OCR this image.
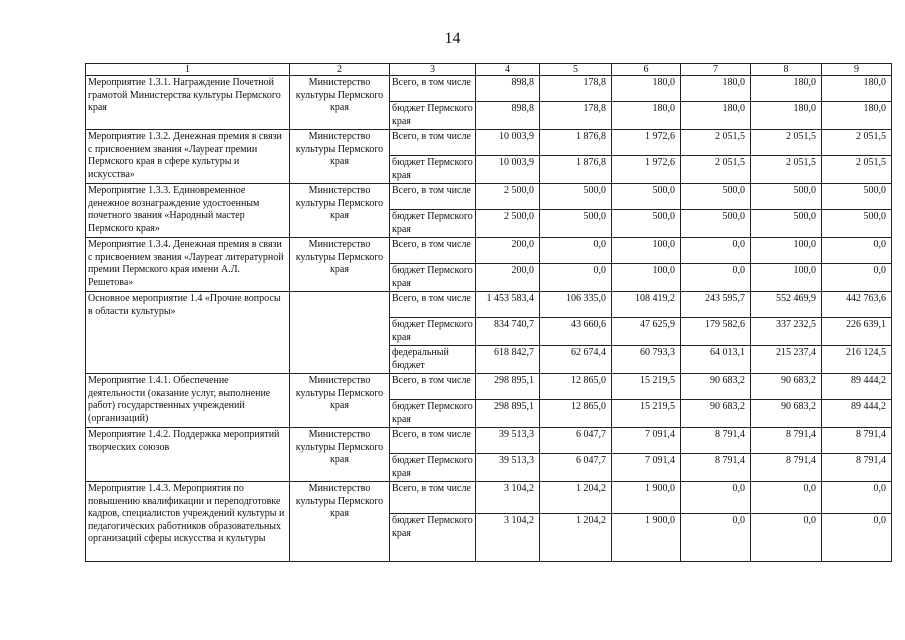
14
1	2	3	4	5	6	7	8	9
Мероприятие 1.3.1. Награждение Почетной грамотой Министерства культуры Пермского края	Министерство культуры Пермского края	Всего, в том числе	898,8	178,8	180,0	180,0	180,0	180,0
		бюджет Пермского края	898,8	178,8	180,0	180,0	180,0	180,0
Мероприятие 1.3.2. Денежная премия в связи с присвоением звания «Лауреат премии Пермского края в сфере культуры и искусства»	Министерство культуры Пермского края	Всего, в том числе	10 003,9	1 876,8	1 972,6	2 051,5	2 051,5	2 051,5
		бюджет Пермского края	10 003,9	1 876,8	1 972,6	2 051,5	2 051,5	2 051,5
Мероприятие 1.3.3. Единовременное денежное вознаграждение удостоенным почетного звания «Народный мастер Пермского края»	Министерство культуры Пермского края	Всего, в том числе	2 500,0	500,0	500,0	500,0	500,0	500,0
		бюджет Пермского края	2 500,0	500,0	500,0	500,0	500,0	500,0
Мероприятие 1.3.4. Денежная премия в связи с присвоением звания «Лауреат литературной премии Пермского края имени А.Л. Решетова»	Министерство культуры Пермского края	Всего, в том числе	200,0	0,0	100,0	0,0	100,0	0,0
		бюджет Пермского края	200,0	0,0	100,0	0,0	100,0	0,0
Основное мероприятие 1.4 «Прочие вопросы в области культуры»		Всего, в том числе	1 453 583,4	106 335,0	108 419,2	243 595,7	552 469,9	442 763,6
		бюджет Пермского края	834 740,7	43 660,6	47 625,9	179 582,6	337 232,5	226 639,1
		федеральный бюджет	618 842,7	62 674,4	60 793,3	64 013,1	215 237,4	216 124,5
Мероприятие 1.4.1. Обеспечение деятельности (оказание услуг, выполнение работ) государственных учреждений (организаций)	Министерство культуры Пермского края	Всего, в том числе	298 895,1	12 865,0	15 219,5	90 683,2	90 683,2	89 444,2
		бюджет Пермского края	298 895,1	12 865,0	15 219,5	90 683,2	90 683,2	89 444,2
Мероприятие 1.4.2. Поддержка мероприятий творческих союзов	Министерство культуры Пермского края	Всего, в том числе	39 513,3	6 047,7	7 091,4	8 791,4	8 791,4	8 791,4
		бюджет Пермского края	39 513,3	6 047,7	7 091,4	8 791,4	8 791,4	8 791,4
Мероприятие 1.4.3. Мероприятия по повышению квалификации и переподготовке кадров, специалистов учреждений культуры и педагогических работников образовательных организаций сферы искусства и культуры	Министерство культуры Пермского края	Всего, в том числе	3 104,2	1 204,2	1 900,0	0,0	0,0	0,0
		бюджет Пермского края	3 104,2	1 204,2	1 900,0	0,0	0,0	0,0
